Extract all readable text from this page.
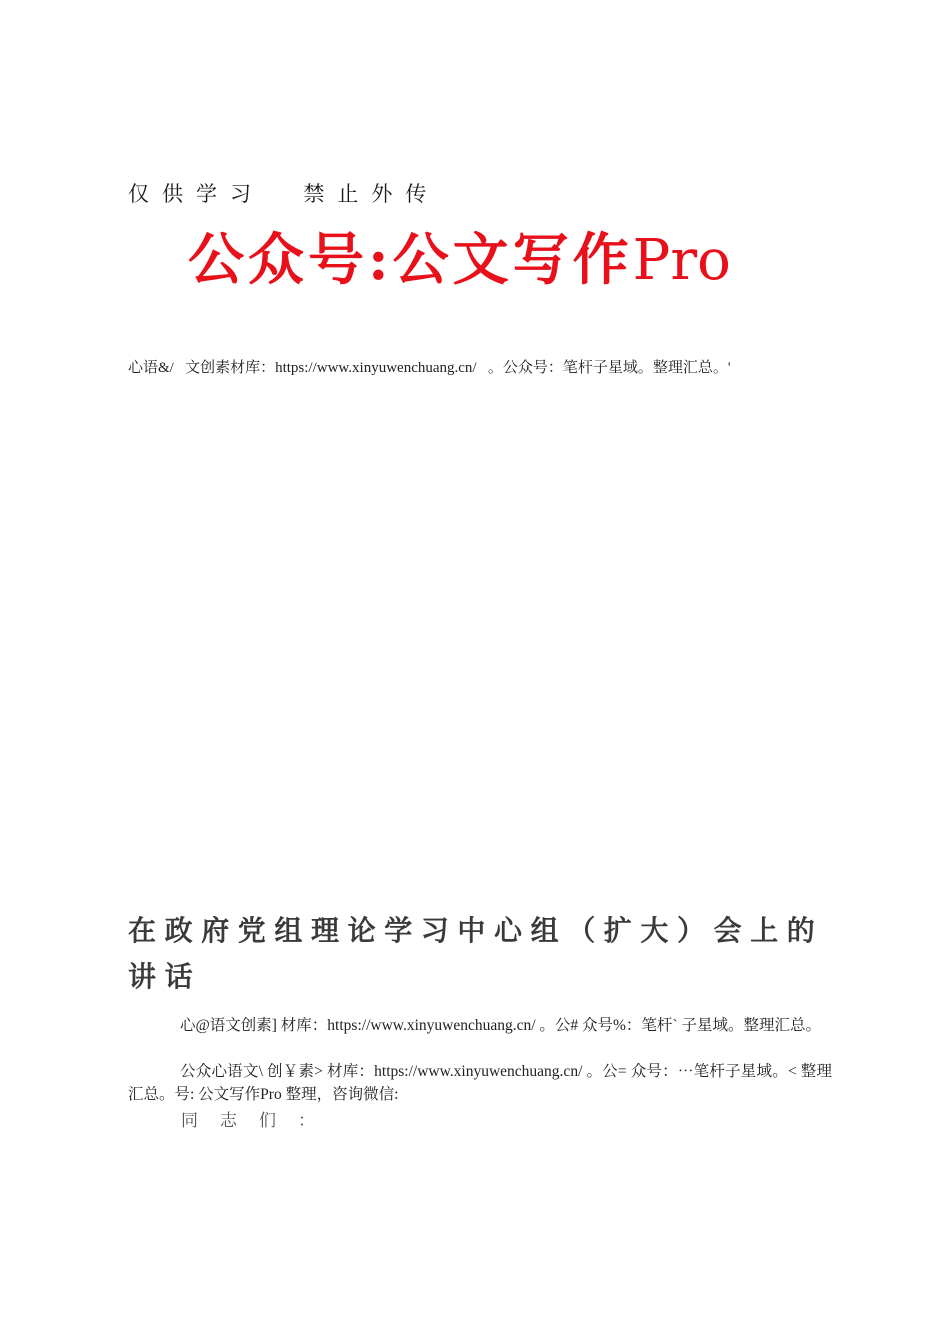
仅供学习  禁止外传
公众号:公文写作Pro
心语&/   文创素材库：https://www.xinyuwenchuang.cn/   。公众号：笔杆子星域。整理汇总。'
在政府党组理论学习中心组（扩大）会上的讲话
心@语文创素] 材库：https://www.xinyuwenchuang.cn/ 。公# 众号%：笔杆` 子星域。整理汇总。
公众心语文\ 创￥素> 材库：https://www.xinyuwenchuang.cn/ 。公= 众号：⋯笔杆子星域。< 整理汇总。号: 公文写作Pro 整理，咨询微信:
同志们：
